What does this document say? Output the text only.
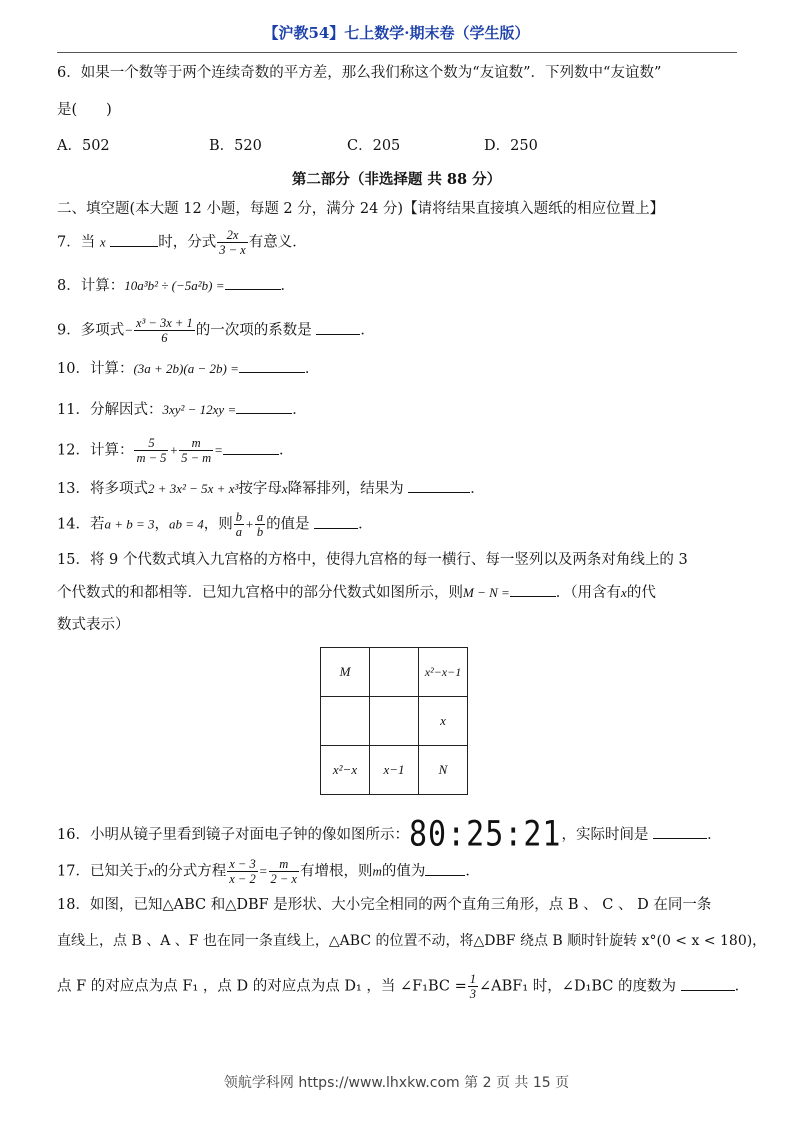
【沪教54】七上数学·期末卷（学生版）
6．如果一个数等于两个连续奇数的平方差，那么我们称这个数为“友谊数”．下列数中“友谊数”
是(　　)
A．502	B．520	C．205	D．250
第二部分（非选择题 共 88 分）
二、填空题(本大题 12 小题，每题 2 分，满分 24 分)【请将结果直接填入题纸的相应位置上】
7．当 x	时，分式 $\frac{2x}{3 - x}$ 有意义．
8．计算：10a³b² ÷ (−5a²b) =	．
9．多项式− $\frac{\text{x³ − 3x + 1}}{6}$ 的一次项的系数是	．
10．计算：(3a + 2b)(a − 2b) =	．
11．分解因式：3xy² − 12xy =	．
12．计算： $\frac{5}{m - 5} + \frac{m}{5 - m}$ =	．
13．将多项式2 + 3x² − 5x + x³按字母x降幂排列，结果为	．
14．若a + b = 3，ab = 4，则 $\frac{b}{a} + \frac{a}{b}$ 的值是	．
15．将 9 个代数式填入九宫格的方格中，使得九宫格的每一横行、每一竖列以及两条对角线上的 3
个代数式的和都相等．已知九宫格中的部分代数式如图所示，则M − N =	．（用含有x的代
数式表示）
M		x²−x−1
		x
x²−x	x−1	N
16．小明从镜子里看到镜子对面电子钟的像如图所示：80:25:21，实际时间是	．
17．已知关于x的分式方程 $\frac{x - 3}{x - 2} = \frac{m}{2 - x}$ 有增根，则m的值为	．
18．如图，已知△ABC 和△DBF 是形状、大小完全相同的两个直角三角形，点 B 、 C 、 D 在同一条
直线上，点 B 、A 、F 也在同一条直线上，△ABC 的位置不动，将△DBF 绕点 B 顺时针旋转 x°(0 < x < 180)，
点 F 的对应点为点 F₁ ，点 D 的对应点为点 D₁ ，当 ∠F₁BC = $\frac{1}{3}$ ∠ABF₁ 时，∠D₁BC 的度数为	．
领航学科网 https://www.lhxkw.com 第 2 页 共 15 页
